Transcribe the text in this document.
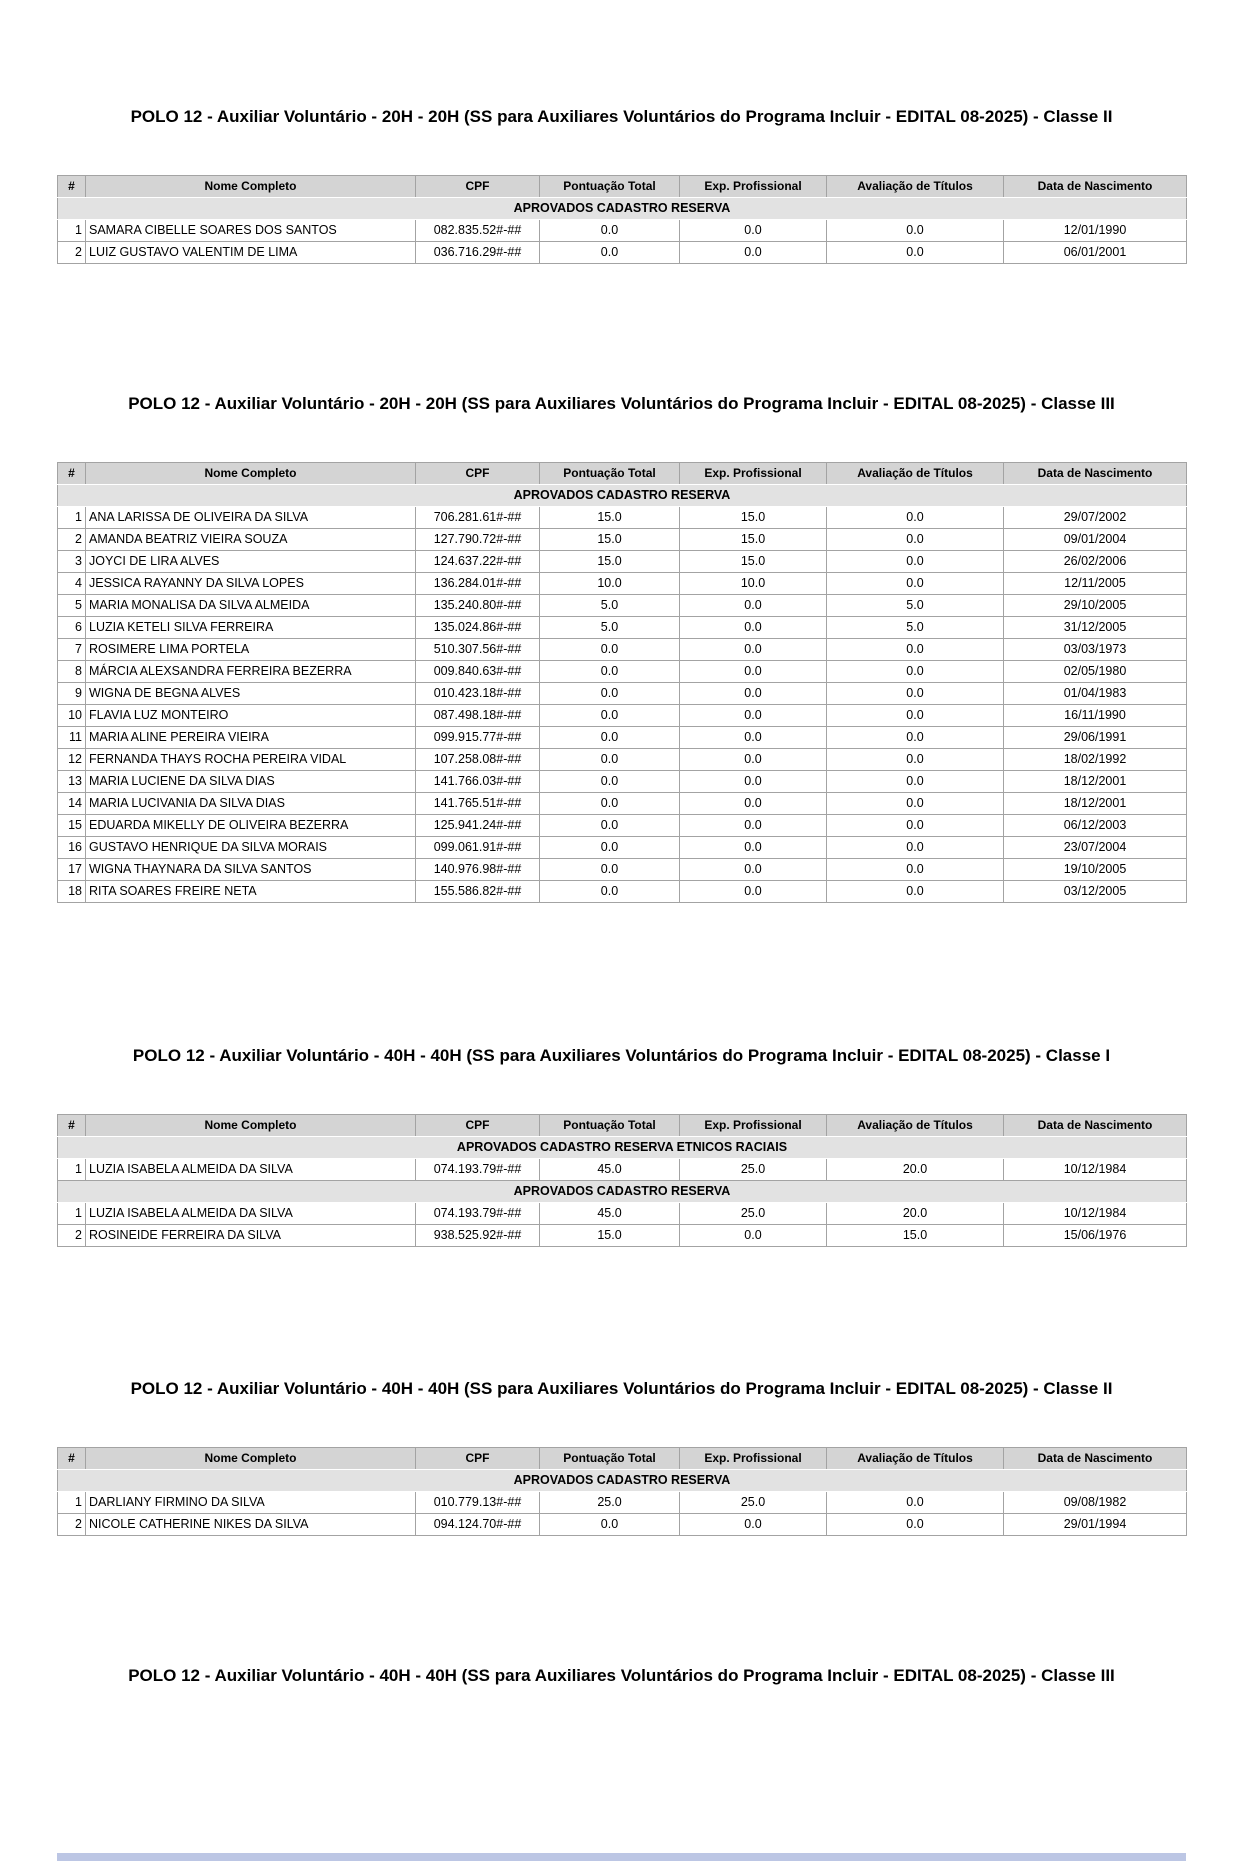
POLO 12 - Auxiliar Voluntário - 20H - 20H (SS para Auxiliares Voluntários do Programa Incluir - EDITAL 08-2025) - Classe II
#	Nome Completo	CPF	Pontuação Total	Exp. Profissional	Avaliação de Títulos	Data de Nascimento
APROVADOS CADASTRO RESERVA						
1	SAMARA CIBELLE SOARES DOS SANTOS	082.835.52#-##	0.0	0.0	0.0	12/01/1990
2	LUIZ GUSTAVO VALENTIM DE LIMA	036.716.29#-##	0.0	0.0	0.0	06/01/2001
POLO 12 - Auxiliar Voluntário - 20H - 20H (SS para Auxiliares Voluntários do Programa Incluir - EDITAL 08-2025) - Classe III
#	Nome Completo	CPF	Pontuação Total	Exp. Profissional	Avaliação de Títulos	Data de Nascimento
APROVADOS CADASTRO RESERVA						
1	ANA LARISSA DE OLIVEIRA DA SILVA	706.281.61#-##	15.0	15.0	0.0	29/07/2002
2	AMANDA BEATRIZ VIEIRA SOUZA	127.790.72#-##	15.0	15.0	0.0	09/01/2004
3	JOYCI DE LIRA ALVES	124.637.22#-##	15.0	15.0	0.0	26/02/2006
4	JESSICA RAYANNY DA SILVA LOPES	136.284.01#-##	10.0	10.0	0.0	12/11/2005
5	MARIA MONALISA DA SILVA ALMEIDA	135.240.80#-##	5.0	0.0	5.0	29/10/2005
6	LUZIA KETELI SILVA FERREIRA	135.024.86#-##	5.0	0.0	5.0	31/12/2005
7	ROSIMERE LIMA PORTELA	510.307.56#-##	0.0	0.0	0.0	03/03/1973
8	MÁRCIA ALEXSANDRA FERREIRA BEZERRA	009.840.63#-##	0.0	0.0	0.0	02/05/1980
9	WIGNA DE BEGNA ALVES	010.423.18#-##	0.0	0.0	0.0	01/04/1983
10	FLAVIA LUZ MONTEIRO	087.498.18#-##	0.0	0.0	0.0	16/11/1990
11	MARIA ALINE PEREIRA VIEIRA	099.915.77#-##	0.0	0.0	0.0	29/06/1991
12	FERNANDA THAYS ROCHA PEREIRA VIDAL	107.258.08#-##	0.0	0.0	0.0	18/02/1992
13	MARIA LUCIENE DA SILVA DIAS	141.766.03#-##	0.0	0.0	0.0	18/12/2001
14	MARIA LUCIVANIA DA SILVA DIAS	141.765.51#-##	0.0	0.0	0.0	18/12/2001
15	EDUARDA MIKELLY DE OLIVEIRA BEZERRA	125.941.24#-##	0.0	0.0	0.0	06/12/2003
16	GUSTAVO HENRIQUE DA SILVA MORAIS	099.061.91#-##	0.0	0.0	0.0	23/07/2004
17	WIGNA THAYNARA DA SILVA SANTOS	140.976.98#-##	0.0	0.0	0.0	19/10/2005
18	RITA SOARES FREIRE NETA	155.586.82#-##	0.0	0.0	0.0	03/12/2005
POLO 12 - Auxiliar Voluntário - 40H - 40H (SS para Auxiliares Voluntários do Programa Incluir - EDITAL 08-2025) - Classe I
#	Nome Completo	CPF	Pontuação Total	Exp. Profissional	Avaliação de Títulos	Data de Nascimento
APROVADOS CADASTRO RESERVA ETNICOS RACIAIS						
1	LUZIA ISABELA ALMEIDA DA SILVA	074.193.79#-##	45.0	25.0	20.0	10/12/1984
APROVADOS CADASTRO RESERVA						
1	LUZIA ISABELA ALMEIDA DA SILVA	074.193.79#-##	45.0	25.0	20.0	10/12/1984
2	ROSINEIDE FERREIRA DA SILVA	938.525.92#-##	15.0	0.0	15.0	15/06/1976
POLO 12 - Auxiliar Voluntário - 40H - 40H (SS para Auxiliares Voluntários do Programa Incluir - EDITAL 08-2025) - Classe II
#	Nome Completo	CPF	Pontuação Total	Exp. Profissional	Avaliação de Títulos	Data de Nascimento
APROVADOS CADASTRO RESERVA						
1	DARLIANY FIRMINO DA SILVA	010.779.13#-##	25.0	25.0	0.0	09/08/1982
2	NICOLE CATHERINE NIKES DA SILVA	094.124.70#-##	0.0	0.0	0.0	29/01/1994
POLO 12 - Auxiliar Voluntário - 40H - 40H (SS para Auxiliares Voluntários do Programa Incluir - EDITAL 08-2025) - Classe III
